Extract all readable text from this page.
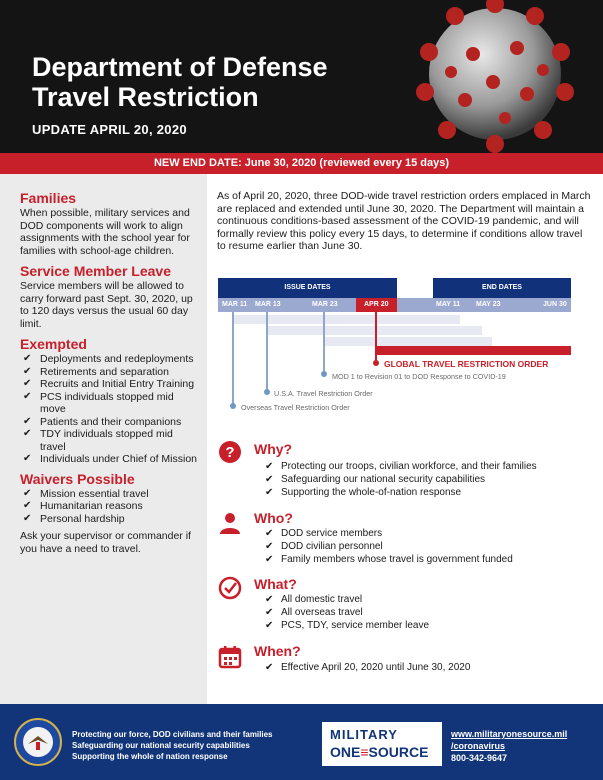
Department of Defense
Travel Restriction
UPDATE APRIL 20, 2020
NEW END DATE: June 30, 2020 (reviewed every 15 days)
Families
When possible, military services and DOD components will work to align assignments with the school year for families with school-age children.
Service Member Leave
Service members will be allowed to carry forward past Sept. 30, 2020, up to 120 days versus the usual 60 day limit.
Exempted
✔ Deployments and redeployments
✔ Retirements and separation
✔ Recruits and Initial Entry Training
✔ PCS individuals stopped mid move
✔ Patients and their companions
✔ TDY individuals stopped mid travel
✔ Individuals under Chief of Mission
Waivers Possible
✔ Mission essential travel
✔ Humanitarian reasons
✔ Personal hardship
Ask your supervisor or commander if you have a need to travel.
As of April 20, 2020, three DOD-wide travel restriction orders emplaced in March are replaced and extended until June 30, 2020. The Department will maintain a continuous conditions-based assessment of the COVID-19 pandemic, and will formally review this policy every 15 days, to determine if conditions allow travel to resume earlier than June 30.
ISSUE DATES	END DATES
MAR 11 MAR 13	MAR 23	APR 20	MAY 11 MAY 23	JUN 30
GLOBAL TRAVEL RESTRICTION ORDER
MOD 1 to Revision 01 to DOD Response to COVID-19
U.S.A. Travel Restriction Order
Overseas Travel Restriction Order
? Why?
✔ Protecting our troops, civilian workforce, and their families
✔ Safeguarding our national security capabilities
✔ Supporting the whole-of-nation response
Who?
✔ DOD service members
✔ DOD civilian personnel
✔ Family members whose travel is government funded
What?
✔ All domestic travel
✔ All overseas travel
✔ PCS, TDY, service member leave
When?
✔ Effective April 20, 2020 until June 30, 2020
Protecting our force, DOD civilians and their families
Safeguarding our national security capabilities
Supporting the whole of nation response
MILITARY
ONE≡SOURCE
www.militaryonesource.mil
/coronavirus
800-342-9647
